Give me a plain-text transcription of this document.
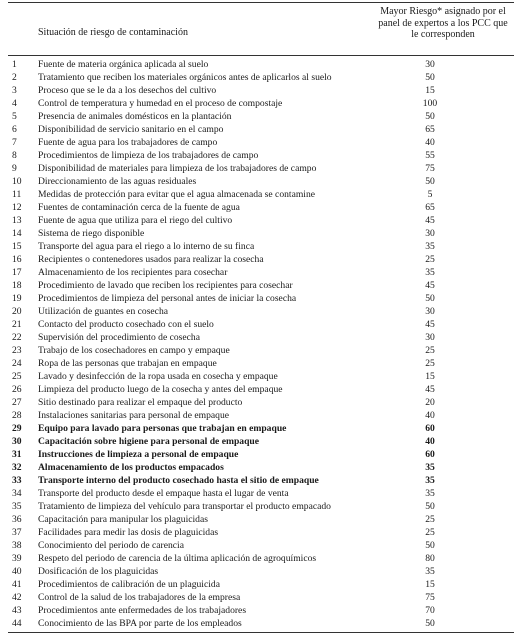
Situación de riesgo de contaminación
Mayor Riesgo* asignado por el panel de expertos a los PCC que le corresponden
1	Fuente de materia orgánica aplicada al suelo	30
2	Tratamiento que reciben los materiales orgánicos antes de aplicarlos al suelo	50
3	Proceso que se le da a los desechos del cultivo	15
4	Control de temperatura y humedad en el proceso de compostaje	100
5	Presencia de animales domésticos en la plantación	50
6	Disponibilidad de servicio sanitario en el campo	65
7	Fuente de agua para los trabajadores de campo	40
8	Procedimientos de limpieza de los trabajadores de campo	55
9	Disponibilidad de materiales para limpieza de los trabajadores de campo	75
10	Direccionamiento de las aguas residuales	50
11	Medidas de protección para evitar que el agua almacenada se contamine	5
12	Fuentes de contaminación cerca de la fuente de agua	65
13	Fuente de agua que utiliza para el riego del cultivo	45
14	Sistema de riego disponible	30
15	Transporte del agua para el riego a lo interno de su finca	35
16	Recipientes o contenedores usados para realizar la cosecha	25
17	Almacenamiento de los recipientes para cosechar	35
18	Procedimiento de lavado que reciben los recipientes para cosechar	45
19	Procedimientos de limpieza del personal antes de iniciar la cosecha	50
20	Utilización de guantes en cosecha	30
21	Contacto del producto cosechado con el suelo	45
22	Supervisión del procedimiento de cosecha	30
23	Trabajo de los cosechadores en campo y empaque	25
24	Ropa de las personas que trabajan en empaque	25
25	Lavado y desinfección de la ropa usada en cosecha y empaque	15
26	Limpieza del producto luego de la cosecha y antes del empaque	45
27	Sitio destinado para realizar el empaque del producto	20
28	Instalaciones sanitarias para personal de empaque	40
29	Equipo para lavado para personas que trabajan en empaque	60
30	Capacitación sobre higiene para personal de empaque	40
31	Instrucciones de limpieza a personal de empaque	60
32	Almacenamiento de los productos empacados	35
33	Transporte interno del producto cosechado hasta el sitio de empaque	35
34	Transporte del producto desde el empaque hasta el lugar de venta	35
35	Tratamiento de limpieza del vehículo para transportar el producto empacado	50
36	Capacitación para manipular los plaguicidas	25
37	Facilidades para medir las dosis de plaguicidas	25
38	Conocimiento del periodo de carencia	50
39	Respeto del periodo de carencia de la última aplicación de agroquímicos	80
40	Dosificación de los plaguicidas	35
41	Procedimientos de calibración de un plaguicida	15
42	Control de la salud de los trabajadores de la empresa	75
43	Procedimientos ante enfermedades de los trabajadores	70
44	Conocimiento de las BPA por parte de los empleados	50
